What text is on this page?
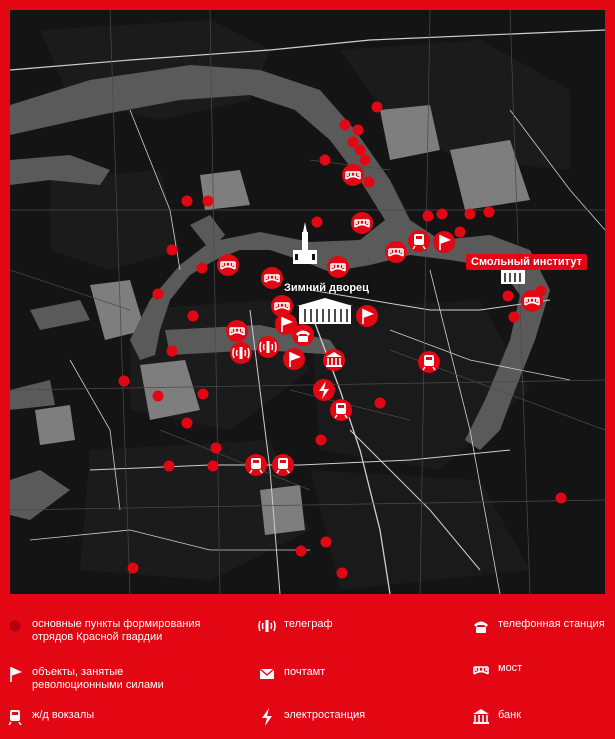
Зимний дворец
Смольный институт
основные пункты формирования
отрядов Красной гвардии
телеграф	телефонная станция
объекты, занятые
революционными силами
почтамт	мост
ж/д вокзалы	электростанция	банк
